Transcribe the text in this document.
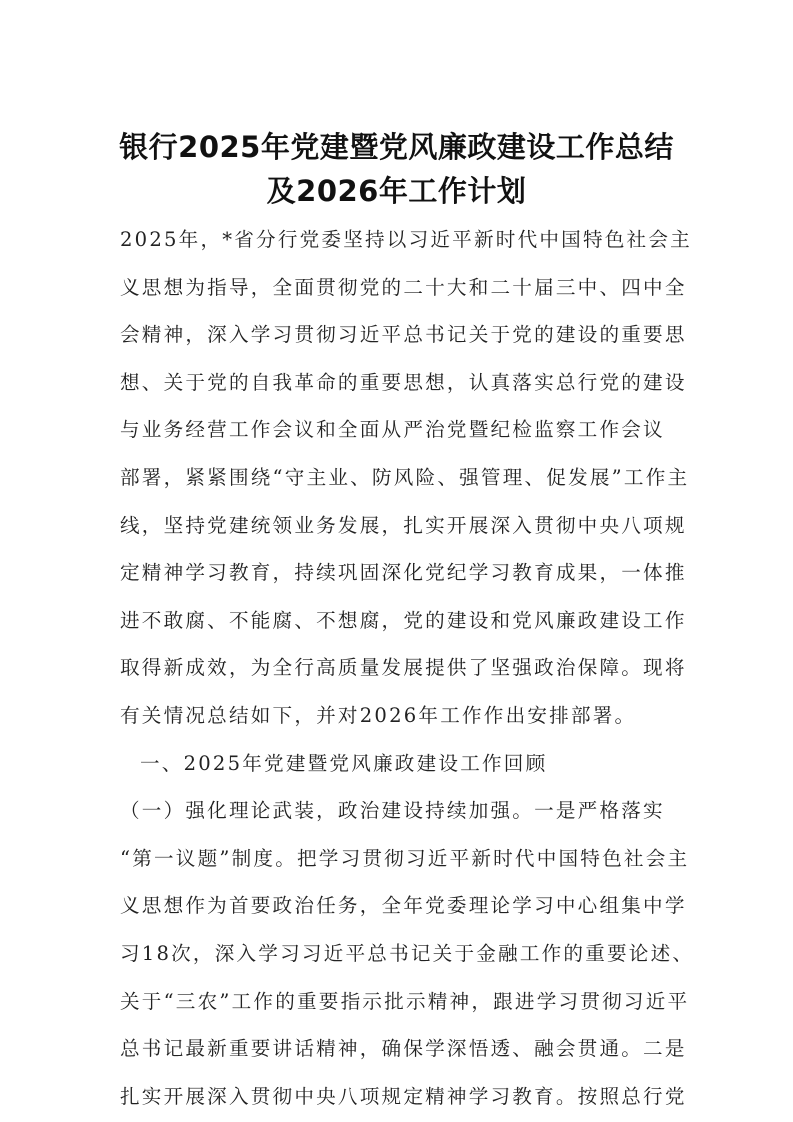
银行2025年党建暨党风廉政建设工作总结
及2026年工作计划

2025年，*省分行党委坚持以习近平新时代中国特色社会主

义思想为指导，全面贯彻党的二十大和二十届三中、四中全

会精神，深入学习贯彻习近平总书记关于党的建设的重要思

想、关于党的自我革命的重要思想，认真落实总行党的建设

与业务经营工作会议和全面从严治党暨纪检监察工作会议

部署，紧紧围绕“守主业、防风险、强管理、促发展”工作主

线，坚持党建统领业务发展，扎实开展深入贯彻中央八项规

定精神学习教育，持续巩固深化党纪学习教育成果，一体推

进不敢腐、不能腐、不想腐，党的建设和党风廉政建设工作

取得新成效，为全行高质量发展提供了坚强政治保障。现将

有关情况总结如下，并对2026年工作作出安排部署。

一、2025年党建暨党风廉政建设工作回顾

（一）强化理论武装，政治建设持续加强。一是严格落实

“第一议题”制度。把学习贯彻习近平新时代中国特色社会主

义思想作为首要政治任务，全年党委理论学习中心组集中学

习18次，深入学习习近平总书记关于金融工作的重要论述、

关于“三农”工作的重要指示批示精神，跟进学习贯彻习近平

总书记最新重要讲话精神，确保学深悟透、融会贯通。二是

扎实开展深入贯彻中央八项规定精神学习教育。按照总行党
